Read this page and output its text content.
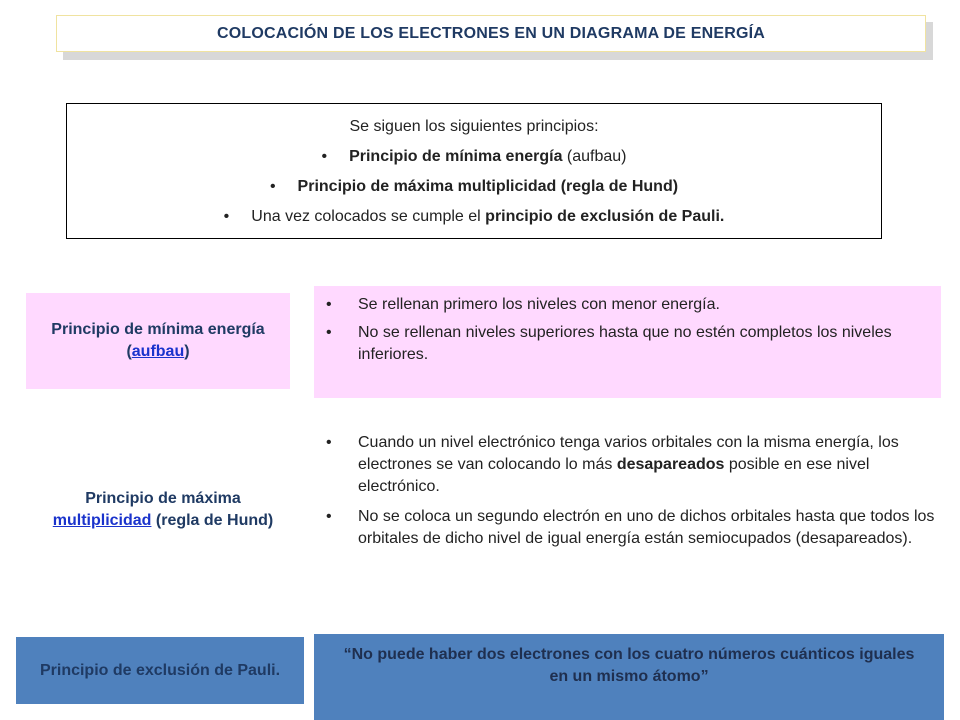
COLOCACIÓN DE LOS ELECTRONES EN UN DIAGRAMA DE ENERGÍA
Se siguen los siguientes principios:
• Principio de mínima energía (aufbau)
• Principio de máxima multiplicidad (regla de Hund)
• Una vez colocados se cumple el principio de exclusión de Pauli.
Principio de mínima energía (aufbau)
• Se rellenan primero los niveles con menor energía.
• No se rellenan niveles superiores hasta que no estén completos los niveles inferiores.
Principio de máxima multiplicidad (regla de Hund)
• Cuando un nivel electrónico tenga varios orbitales con la misma energía, los electrones se van colocando lo más desapareados posible en ese nivel electrónico.
• No se coloca un segundo electrón en uno de dichos orbitales hasta que todos los orbitales de dicho nivel de igual energía están semiocupados (desapareados).
Principio de exclusión de Pauli.
“No puede haber dos electrones con los cuatro números cuánticos iguales en un mismo átomo”
